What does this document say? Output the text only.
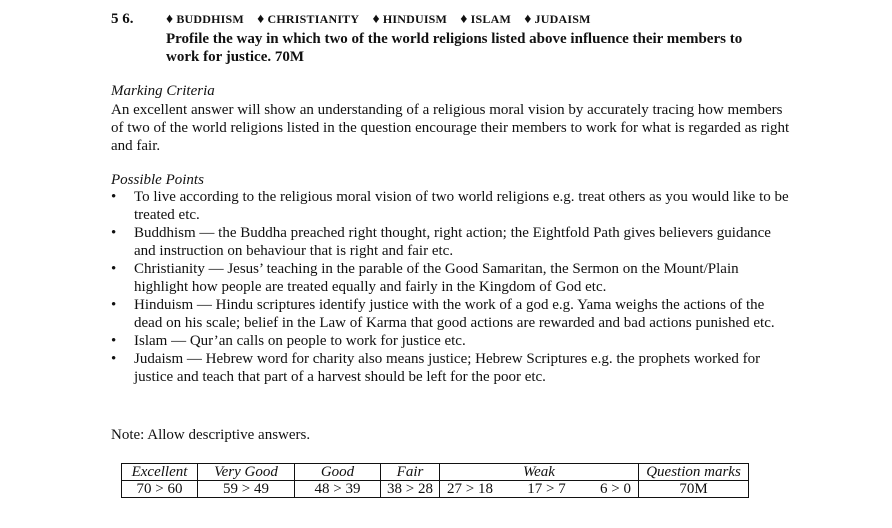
5 6. ♦ BUDDHISM ♦ CHRISTIANITY ♦ HINDUISM ♦ ISLAM ♦ JUDAISM
Profile the way in which two of the world religions listed above influence their members to work for justice. 70M
Marking Criteria
An excellent answer will show an understanding of a religious moral vision by accurately tracing how members of two of the world religions listed in the question encourage their members to work for what is regarded as right and fair.
Possible Points
• To live according to the religious moral vision of two world religions e.g. treat others as you would like to be treated etc.
• Buddhism — the Buddha preached right thought, right action; the Eightfold Path gives believers guidance and instruction on behaviour that is right and fair etc.
• Christianity — Jesus’ teaching in the parable of the Good Samaritan, the Sermon on the Mount/Plain highlight how people are treated equally and fairly in the Kingdom of God etc.
• Hinduism — Hindu scriptures identify justice with the work of a god e.g. Yama weighs the actions of the dead on his scale; belief in the Law of Karma that good actions are rewarded and bad actions punished etc.
• Islam — Qur’an calls on people to work for justice etc.
• Judaism — Hebrew word for charity also means justice; Hebrew Scriptures e.g. the prophets worked for justice and teach that part of a harvest should be left for the poor etc.
Note: Allow descriptive answers.
Excellent	Very Good	Good	Fair	Weak	Question marks
70 > 60	59 > 49	48 > 39	38 > 28	27 > 18 17 > 7 6 > 0	70M
